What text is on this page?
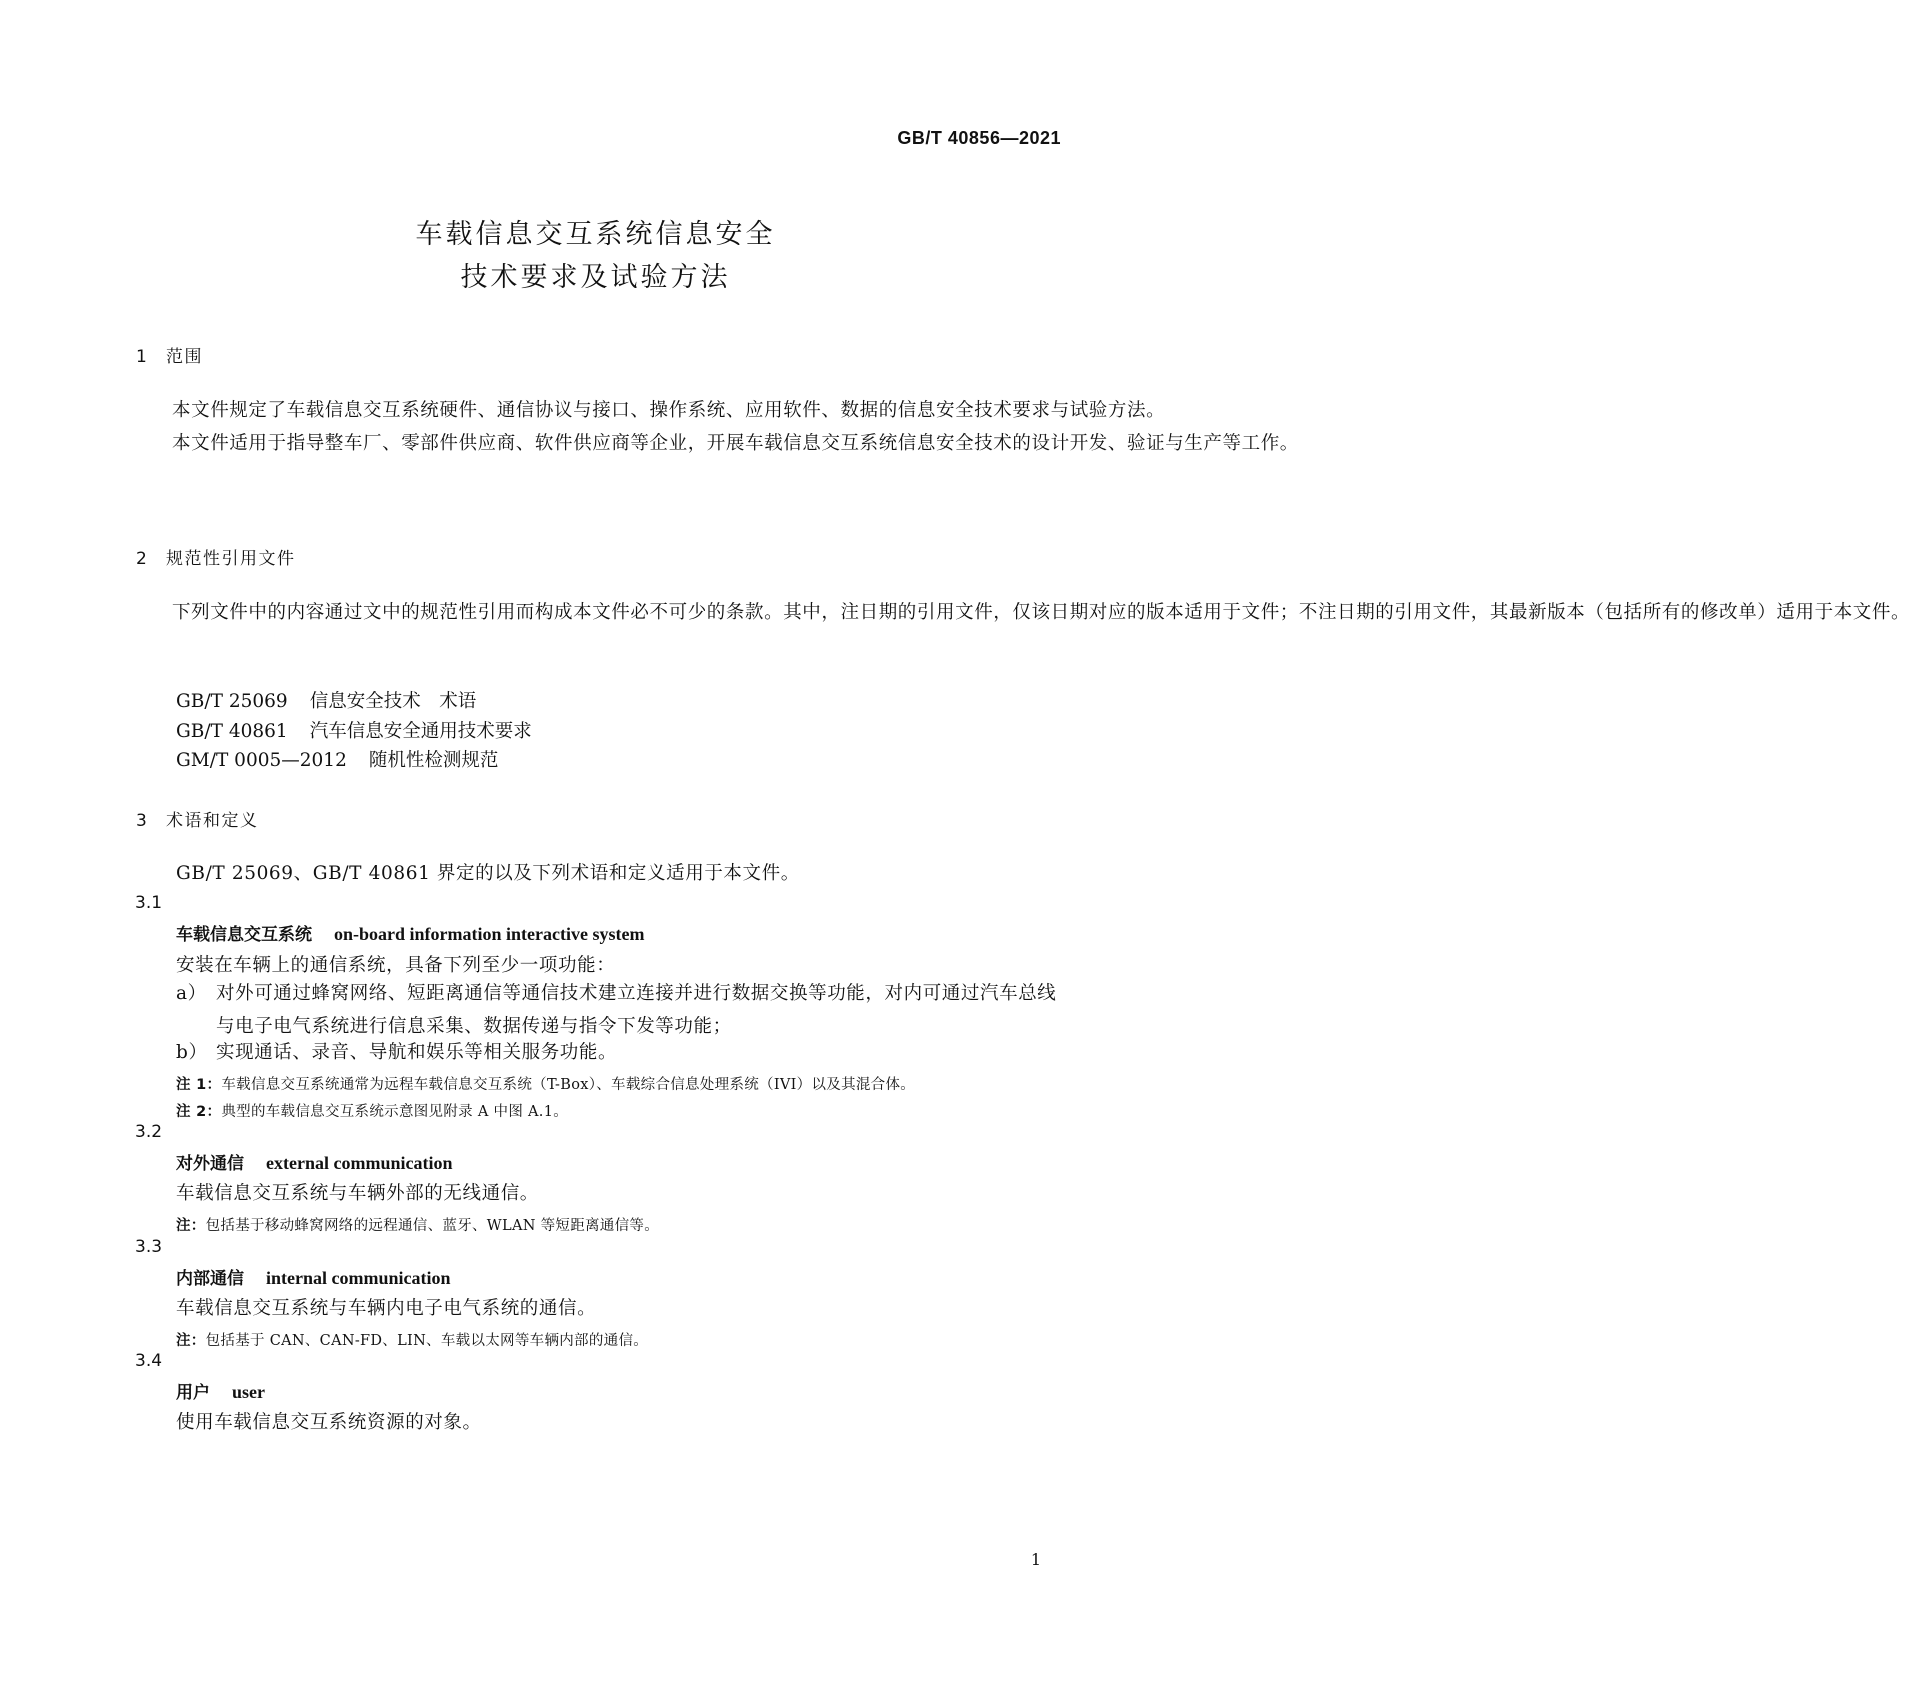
GB/T 40856—2021
车载信息交互系统信息安全
技术要求及试验方法
1 范围

本文件规定了车载信息交互系统硬件、通信协议与接口、操作系统、应用软件、数据的信息安全技术要求与试验方法。

本文件适用于指导整车厂、零部件供应商、软件供应商等企业，开展车载信息交互系统信息安全技术的设计开发、验证与生产等工作。

2 规范性引用文件

下列文件中的内容通过文中的规范性引用而构成本文件必不可少的条款。其中，注日期的引用文件，仅该日期对应的版本适用于文件；不注日期的引用文件，其最新版本（包括所有的修改单）适用于本文件。

GB/T 25069 信息安全技术　术语
GB/T 40861 汽车信息安全通用技术要求
GM/T 0005—2012 随机性检测规范
3 术语和定义
GB/T 25069、GB/T 40861 界定的以及下列术语和定义适用于本文件。
3.1
车载信息交互系统 on-board information interactive system
安装在车辆上的通信系统，具备下列至少一项功能：
a） 对外可通过蜂窝网络、短距离通信等通信技术建立连接并进行数据交换等功能，对内可通过汽车总线与电子电气系统进行信息采集、数据传递与指令下发等功能；
b） 实现通话、录音、导航和娱乐等相关服务功能。
注 1：车载信息交互系统通常为远程车载信息交互系统（T-Box）、车载综合信息处理系统（IVI）以及其混合体。
注 2：典型的车载信息交互系统示意图见附录 A 中图 A.1。
3.2
对外通信 external communication
车载信息交互系统与车辆外部的无线通信。
注：包括基于移动蜂窝网络的远程通信、蓝牙、WLAN 等短距离通信等。
3.3
内部通信 internal communication
车载信息交互系统与车辆内电子电气系统的通信。
注：包括基于 CAN、CAN-FD、LIN、车载以太网等车辆内部的通信。
3.4
用户 user
使用车载信息交互系统资源的对象。
1
